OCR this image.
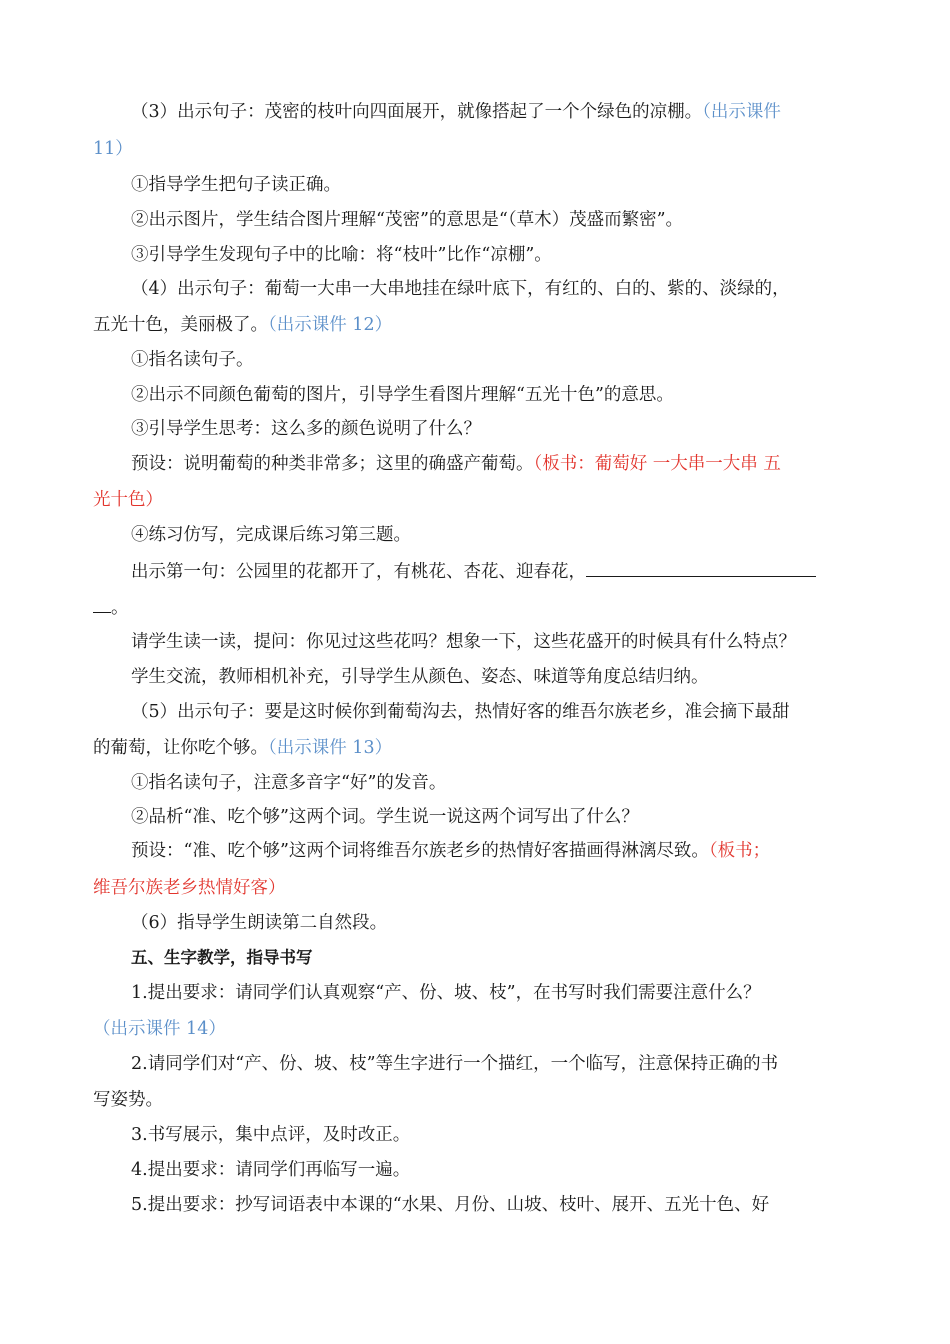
（3）出示句子：茂密的枝叶向四面展开，就像搭起了一个个绿色的凉棚。（出示课件
11）
①指导学生把句子读正确。
②出示图片，学生结合图片理解“茂密”的意思是“（草木）茂盛而繁密”。
③引导学生发现句子中的比喻：将“枝叶”比作“凉棚”。
（4）出示句子：葡萄一大串一大串地挂在绿叶底下，有红的、白的、紫的、淡绿的，
五光十色，美丽极了。（出示课件 12）
①指名读句子。
②出示不同颜色葡萄的图片，引导学生看图片理解“五光十色”的意思。
③引导学生思考：这么多的颜色说明了什么？
预设：说明葡萄的种类非常多；这里的确盛产葡萄。（板书：葡萄好 一大串一大串 五
光十色）
④练习仿写，完成课后练习第三题。
出示第一句：公园里的花都开了，有桃花、杏花、迎春花，
。
请学生读一读，提问：你见过这些花吗？想象一下，这些花盛开的时候具有什么特点？
学生交流，教师相机补充，引导学生从颜色、姿态、味道等角度总结归纳。
（5）出示句子：要是这时候你到葡萄沟去，热情好客的维吾尔族老乡，准会摘下最甜
的葡萄，让你吃个够。（出示课件 13）
①指名读句子，注意多音字“好”的发音。
②品析“准、吃个够”这两个词。学生说一说这两个词写出了什么？
预设：“准、吃个够”这两个词将维吾尔族老乡的热情好客描画得淋漓尽致。（板书；
维吾尔族老乡热情好客）
（6）指导学生朗读第二自然段。
五、生字教学，指导书写
1.提出要求：请同学们认真观察“产、份、坡、枝”，在书写时我们需要注意什么？
（出示课件 14）
2.请同学们对“产、份、坡、枝”等生字进行一个描红，一个临写，注意保持正确的书
写姿势。
3.书写展示，集中点评，及时改正。
4.提出要求：请同学们再临写一遍。
5.提出要求：抄写词语表中本课的“水果、月份、山坡、枝叶、展开、五光十色、好
